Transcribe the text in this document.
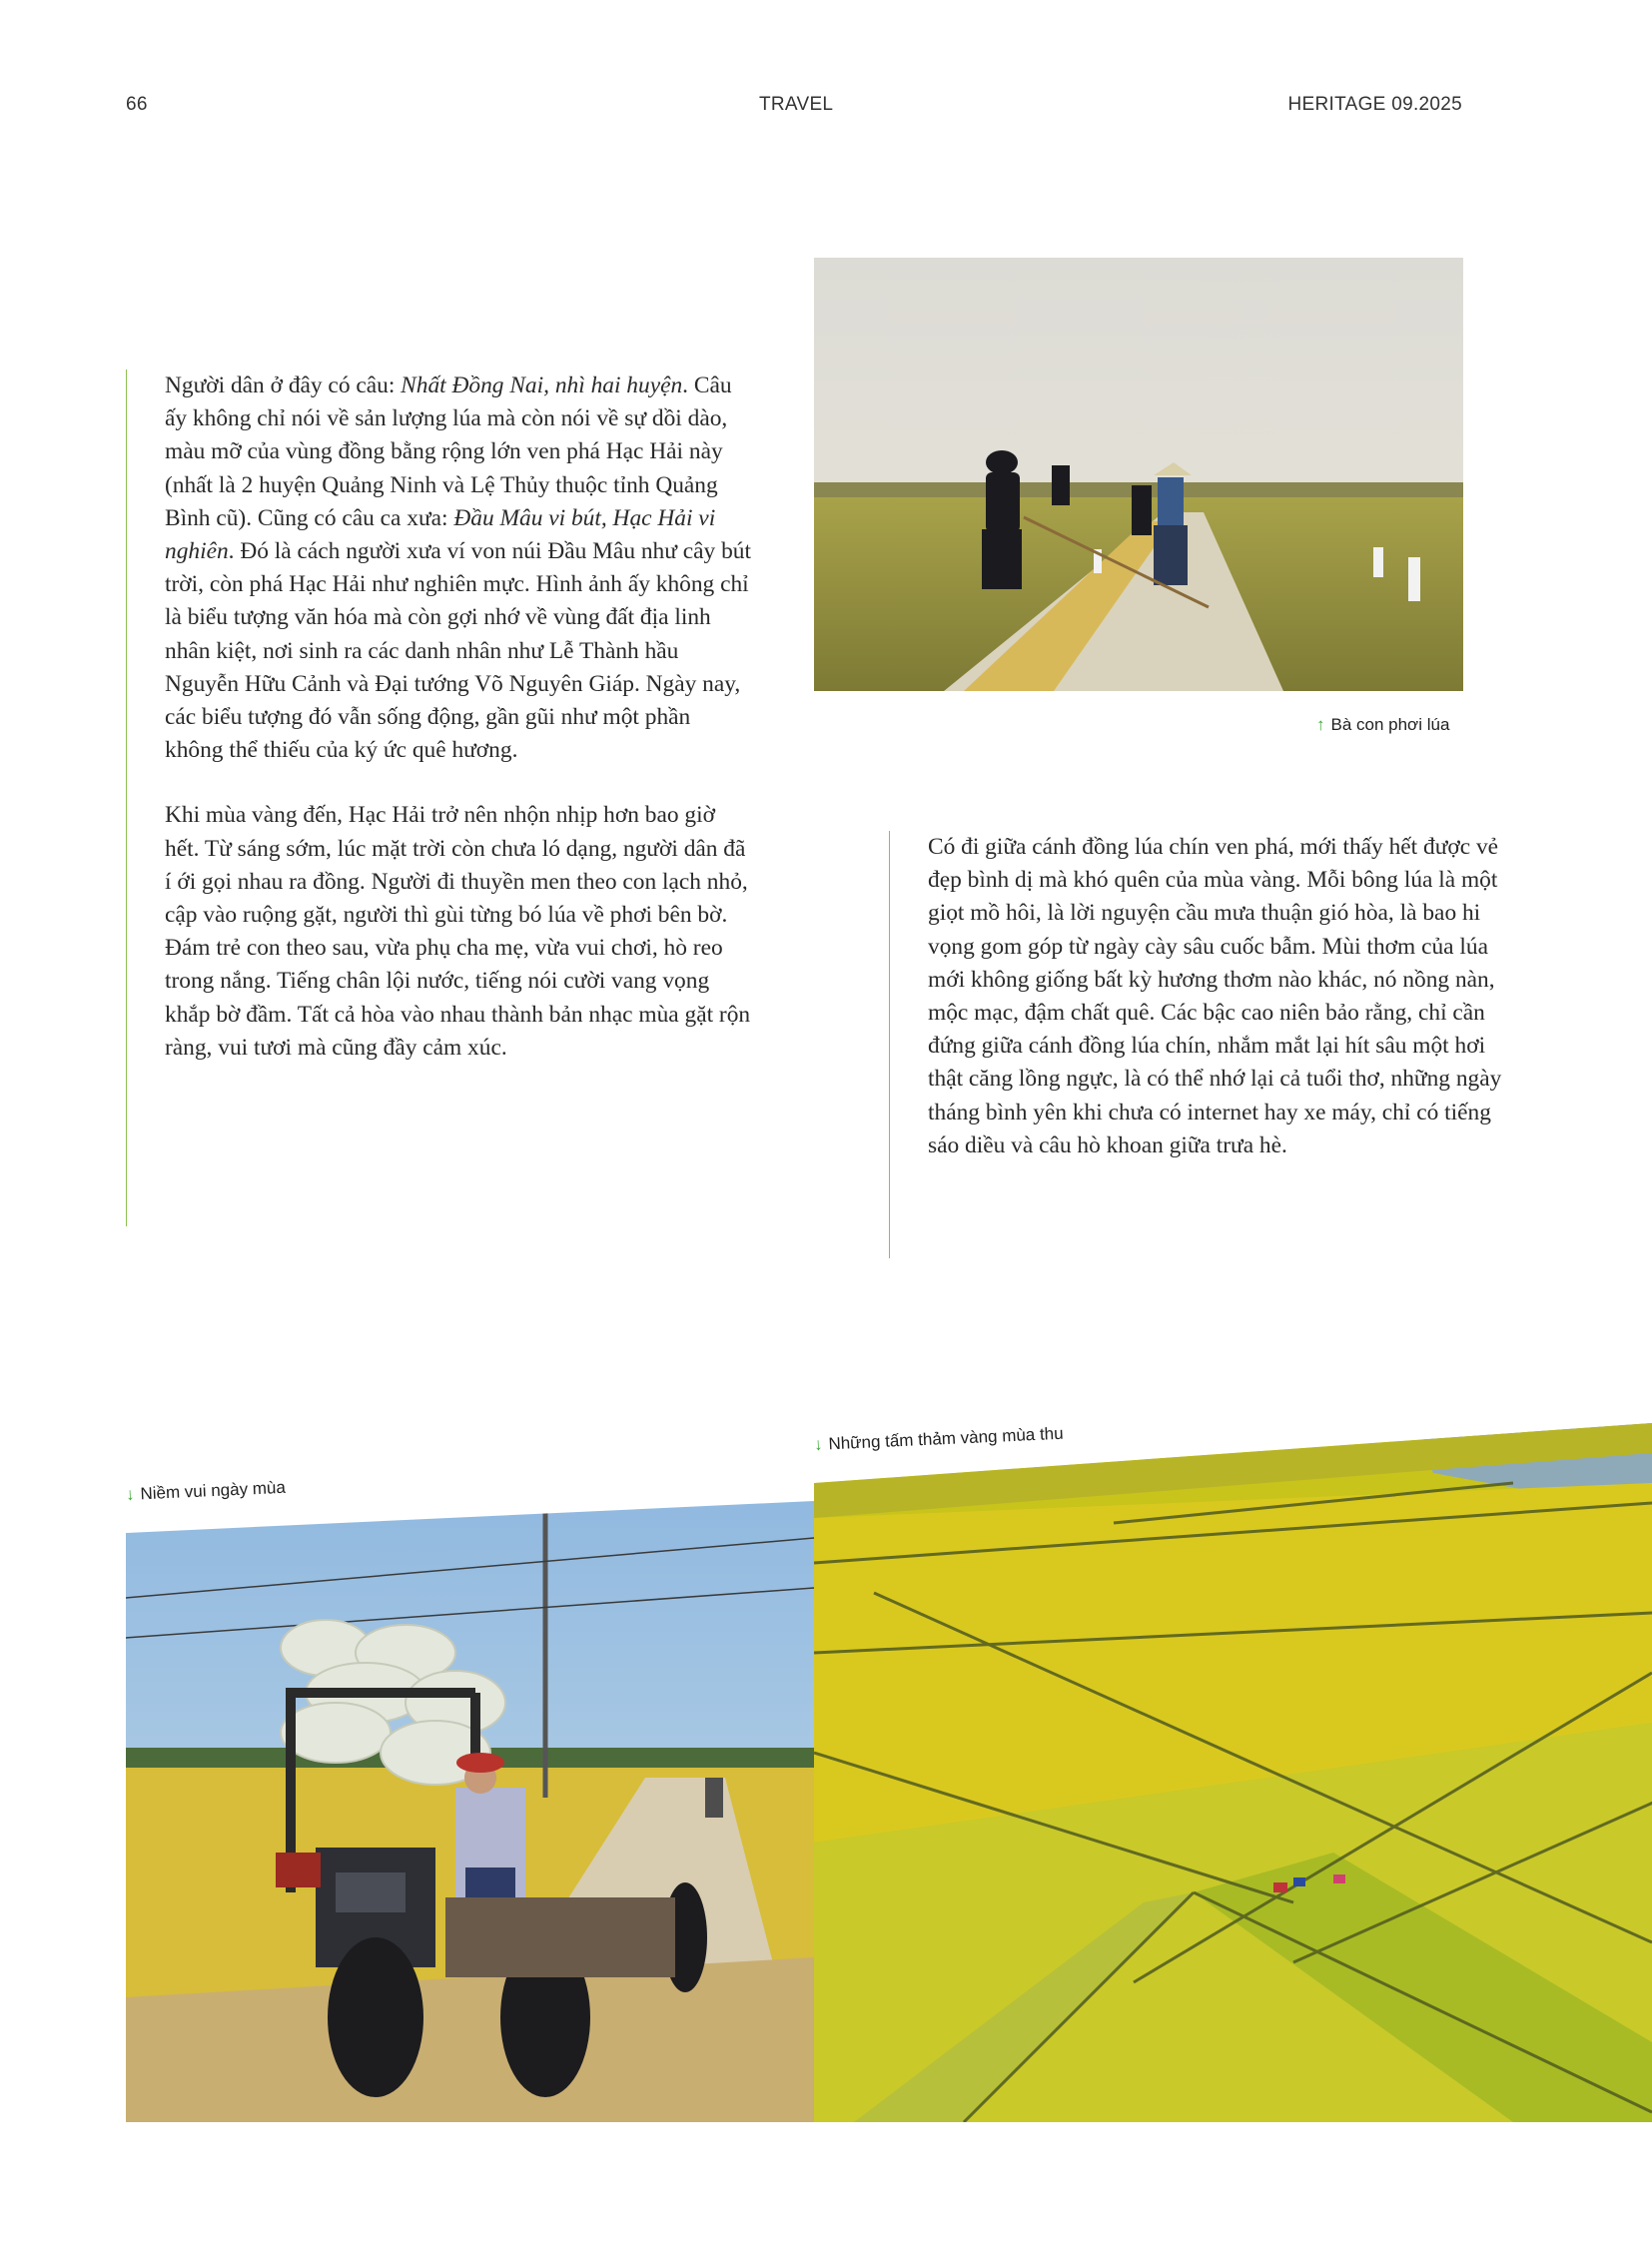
66	TRAVEL	HERITAGE 09.2025
↑ Bà con phơi lúa

Người dân ở đây có câu: Nhất Đồng Nai, nhì hai huyện. Câu ấy không chỉ nói về sản lượng lúa mà còn nói về sự dồi dào, màu mỡ của vùng đồng bằng rộng lớn ven phá Hạc Hải này (nhất là 2 huyện Quảng Ninh và Lệ Thủy thuộc tỉnh Quảng Bình cũ). Cũng có câu ca xưa: Đầu Mâu vi bút, Hạc Hải vi nghiên. Đó là cách người xưa ví von núi Đầu Mâu như cây bút trời, còn phá Hạc Hải như nghiên mực. Hình ảnh ấy không chỉ là biểu tượng văn hóa mà còn gợi nhớ về vùng đất địa linh nhân kiệt, nơi sinh ra các danh nhân như Lễ Thành hầu Nguyễn Hữu Cảnh và Đại tướng Võ Nguyên Giáp. Ngày nay, các biểu tượng đó vẫn sống động, gần gũi như một phần không thể thiếu của ký ức quê hương.

Khi mùa vàng đến, Hạc Hải trở nên nhộn nhịp hơn bao giờ hết. Từ sáng sớm, lúc mặt trời còn chưa ló dạng, người dân đã í ới gọi nhau ra đồng. Người đi thuyền men theo con lạch nhỏ, cập vào ruộng gặt, người thì gùi từng bó lúa về phơi bên bờ. Đám trẻ con theo sau, vừa phụ cha mẹ, vừa vui chơi, hò reo trong nắng. Tiếng chân lội nước, tiếng nói cười vang vọng khắp bờ đầm. Tất cả hòa vào nhau thành bản nhạc mùa gặt rộn ràng, vui tươi mà cũng đầy cảm xúc.

Có đi giữa cánh đồng lúa chín ven phá, mới thấy hết được vẻ đẹp bình dị mà khó quên của mùa vàng. Mỗi bông lúa là một giọt mồ hôi, là lời nguyện cầu mưa thuận gió hòa, là bao hi vọng gom góp từ ngày cày sâu cuốc bẫm. Mùi thơm của lúa mới không giống bất kỳ hương thơm nào khác, nó nồng nàn, mộc mạc, đậm chất quê. Các bậc cao niên bảo rằng, chỉ cần đứng giữa cánh đồng lúa chín, nhắm mắt lại hít sâu một hơi thật căng lồng ngực, là có thể nhớ lại cả tuổi thơ, những ngày tháng bình yên khi chưa có internet hay xe máy, chỉ có tiếng sáo diều và câu hò khoan giữa trưa hè.

↓ Niềm vui ngày mùa
↓ Những tấm thảm vàng mùa thu
